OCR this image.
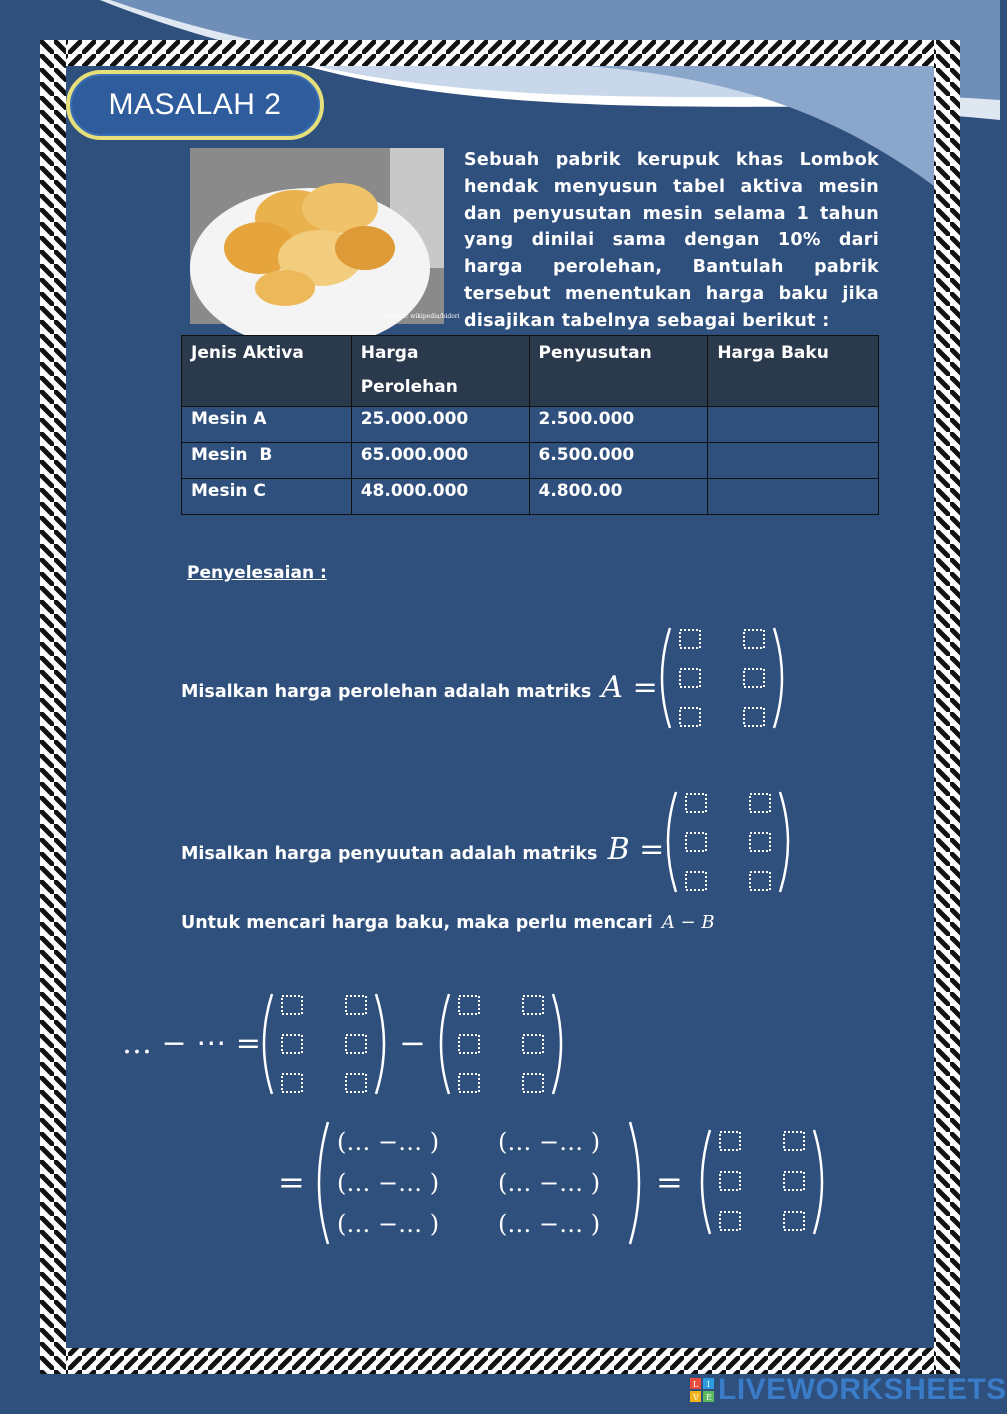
MASALAH 2
source: wikipedia/bidori
Sebuah pabrik kerupuk khas Lombok hendak menyusun tabel aktiva mesin dan penyusutan mesin selama 1 tahun yang dinilai sama dengan 10% dari harga perolehan, Bantulah pabrik tersebut menentukan harga baku jika disajikan tabelnya sebagai berikut :
Jenis Aktiva	Harga Perolehan	Penyusutan	Harga Baku
Mesin A	25.000.000	2.500.000	
Mesin  B	65.000.000	6.500.000	
Mesin C	48.000.000	4.800.00	
Penyelesaian :
Misalkan harga perolehan adalah matriks A =
Misalkan harga penyuutan adalah matriks B =
Untuk mencari harga baku, maka perlu mencari A − B
… − ⋯ =	−
=
(… −… )
(… −… )
(… −… )
(… −… )
(… −… )
(… −… )
=
L I
V E LIVEWORKSHEETS
